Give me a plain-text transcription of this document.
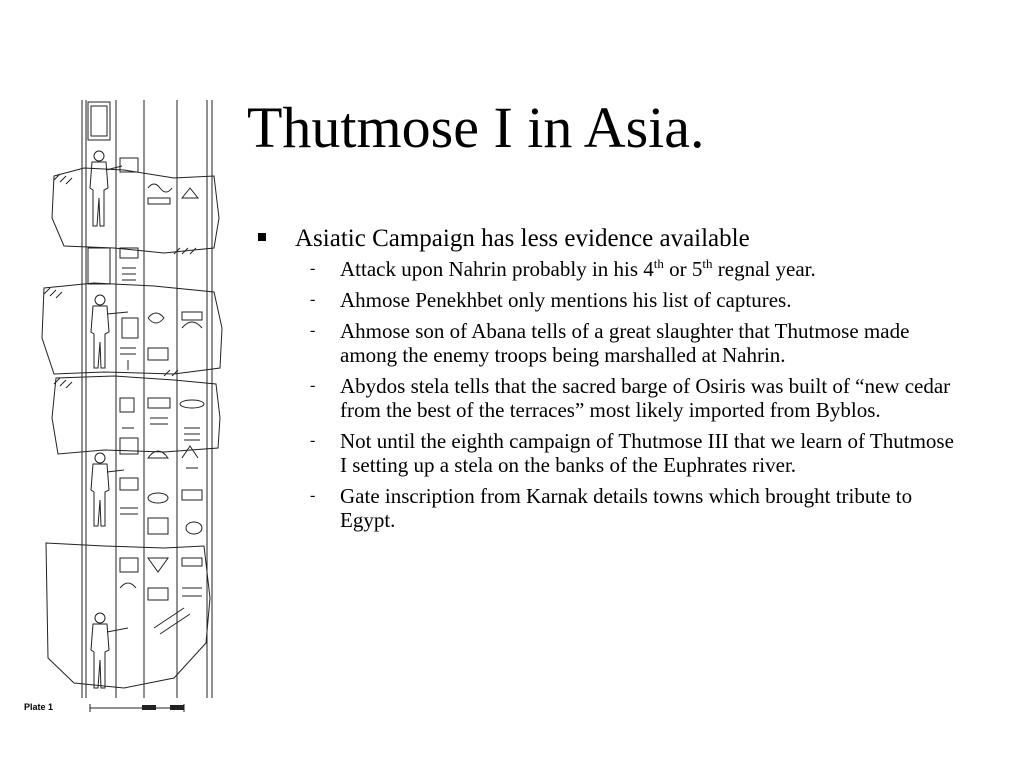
Plate 1
Thutmose I in Asia.
Asiatic Campaign has less evidence available
- Attack upon Nahrin probably in his 4th or 5th regnal year.
- Ahmose Penekhbet only mentions his list of captures.
- Ahmose son of Abana tells of a great slaughter that Thutmose made among the enemy troops being marshalled at Nahrin.
- Abydos stela tells that the sacred barge of Osiris was built of “new cedar from the best of the terraces” most likely imported from Byblos.
- Not until the eighth campaign of Thutmose III that we learn of Thutmose I setting up a stela on the banks of the Euphrates river.
- Gate inscription from Karnak details towns which brought tribute to Egypt.
